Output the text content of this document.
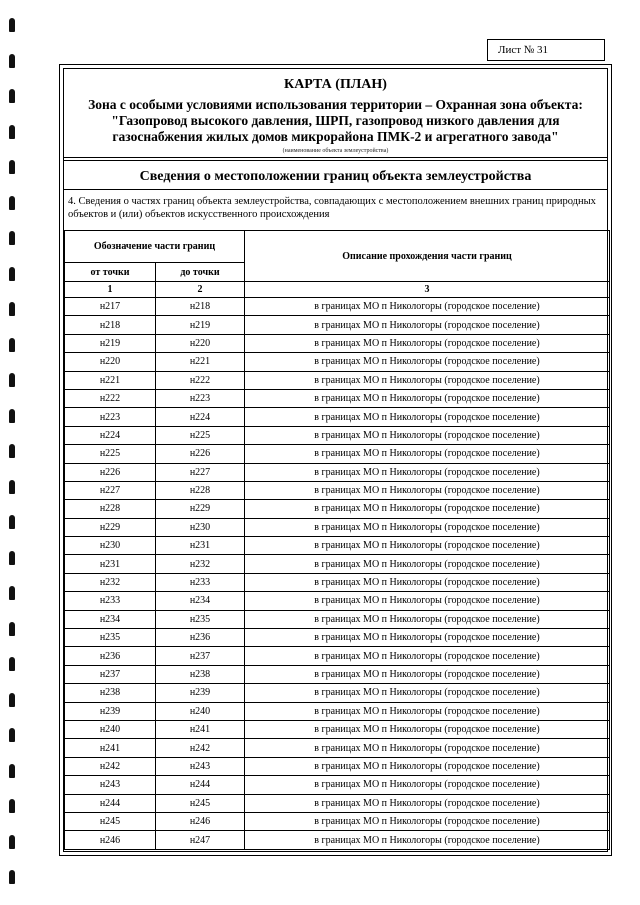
Лист № 31
КАРТА (ПЛАН)
Зона с особыми условиями использования территории – Охранная зона объекта: "Газопровод высокого давления, ШРП, газопровод низкого давления для газоснабжения жилых домов микрорайона ПМК-2 и агрегатного завода"
(наименование объекта землеустройства)
Сведения о местоположении границ объекта землеустройства
4. Сведения о частях границ объекта землеустройства, совпадающих с местоположением внешних границ природных объектов и (или) объектов искусственного происхождения
Обозначение части границ		Описание прохождения части границ
от точки	до точки	
1	2	3
н217	н218	в границах МО п Никологоры (городское поселение)
н218	н219	в границах МО п Никологоры (городское поселение)
н219	н220	в границах МО п Никологоры (городское поселение)
н220	н221	в границах МО п Никологоры (городское поселение)
н221	н222	в границах МО п Никологоры (городское поселение)
н222	н223	в границах МО п Никологоры (городское поселение)
н223	н224	в границах МО п Никологоры (городское поселение)
н224	н225	в границах МО п Никологоры (городское поселение)
н225	н226	в границах МО п Никологоры (городское поселение)
н226	н227	в границах МО п Никологоры (городское поселение)
н227	н228	в границах МО п Никологоры (городское поселение)
н228	н229	в границах МО п Никологоры (городское поселение)
н229	н230	в границах МО п Никологоры (городское поселение)
н230	н231	в границах МО п Никологоры (городское поселение)
н231	н232	в границах МО п Никологоры (городское поселение)
н232	н233	в границах МО п Никологоры (городское поселение)
н233	н234	в границах МО п Никологоры (городское поселение)
н234	н235	в границах МО п Никологоры (городское поселение)
н235	н236	в границах МО п Никологоры (городское поселение)
н236	н237	в границах МО п Никологоры (городское поселение)
н237	н238	в границах МО п Никологоры (городское поселение)
н238	н239	в границах МО п Никологоры (городское поселение)
н239	н240	в границах МО п Никологоры (городское поселение)
н240	н241	в границах МО п Никологоры (городское поселение)
н241	н242	в границах МО п Никологоры (городское поселение)
н242	н243	в границах МО п Никологоры (городское поселение)
н243	н244	в границах МО п Никологоры (городское поселение)
н244	н245	в границах МО п Никологоры (городское поселение)
н245	н246	в границах МО п Никологоры (городское поселение)
н246	н247	в границах МО п Никологоры (городское поселение)
